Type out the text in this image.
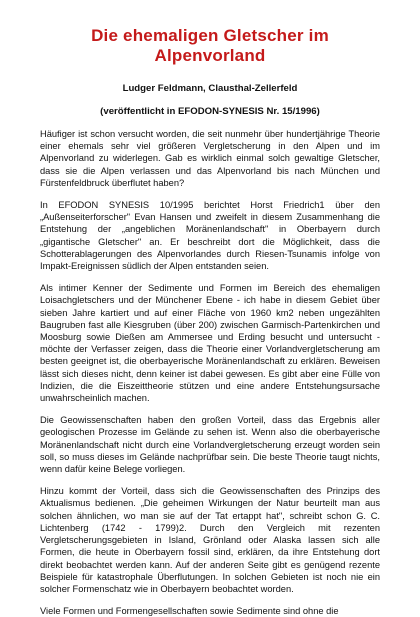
Die ehemaligen Gletscher im
Alpenvorland

Ludger Feldmann, Clausthal-Zellerfeld

(veröffentlicht in EFODON-SYNESIS Nr. 15/1996)

Häufiger ist schon versucht worden, die seit nunmehr über hundertjährige Theorie einer ehemals sehr viel größeren Vergletscherung in den Alpen und im Alpenvorland zu widerlegen. Gab es wirklich einmal solch gewaltige Gletscher, dass sie die Alpen verlassen und das Alpenvorland bis nach München und Fürstenfeldbruck überflutet haben?

In EFODON SYNESIS 10/1995 berichtet Horst Friedrich1 über den „Außenseiterforscher" Evan Hansen und zweifelt in diesem Zusammenhang die Entstehung der „angeblichen Moränenlandschaft" in Oberbayern durch „gigantische Gletscher" an. Er beschreibt dort die Möglichkeit, dass die Schotterablagerungen des Alpenvorlandes durch Riesen-Tsunamis infolge von Impakt-Ereignissen südlich der Alpen entstanden seien.

Als intimer Kenner der Sedimente und Formen im Bereich des ehemaligen Loisachgletschers und der Münchener Ebene - ich habe in diesem Gebiet über sieben Jahre kartiert und auf einer Fläche von 1960 km2 neben ungezählten Baugruben fast alle Kiesgruben (über 200) zwischen Garmisch-Partenkirchen und Moosburg sowie Dießen am Ammersee und Erding besucht und untersucht - möchte der Verfasser zeigen, dass die Theorie einer Vorlandvergletscherung am besten geeignet ist, die oberbayerische Moränenlandschaft zu erklären. Beweisen lässt sich dieses nicht, denn keiner ist dabei gewesen. Es gibt aber eine Fülle von Indizien, die die Eiszeittheorie stützen und eine andere Entstehungsursache unwahrscheinlich machen.

Die Geowissenschaften haben den großen Vorteil, dass das Ergebnis aller geologischen Prozesse im Gelände zu sehen ist. Wenn also die oberbayerische Moränenlandschaft nicht durch eine Vorlandvergletscherung erzeugt worden sein soll, so muss dieses im Gelände nachprüfbar sein. Die beste Theorie taugt nichts, wenn dafür keine Belege vorliegen.

Hinzu kommt der Vorteil, dass sich die Geowissenschaften des Prinzips des Aktualismus bedienen. „Die geheimen Wirkungen der Natur beurteilt man aus solchen ähnlichen, wo man sie auf der Tat ertappt hat", schreibt schon G. C. Lichtenberg (1742 - 1799)2. Durch den Vergleich mit rezenten Vergletscherungsgebieten in Island, Grönland oder Alaska lassen sich alle Formen, die heute in Oberbayern fossil sind, erklären, da ihre Entstehung dort direkt beobachtet werden kann. Auf der anderen Seite gibt es genügend rezente Beispiele für katastrophale Überflutungen. In solchen Gebieten ist noch nie ein solcher Formenschatz wie in Oberbayern beobachtet worden.

Viele Formen und Formengesellschaften sowie Sedimente sind ohne die
